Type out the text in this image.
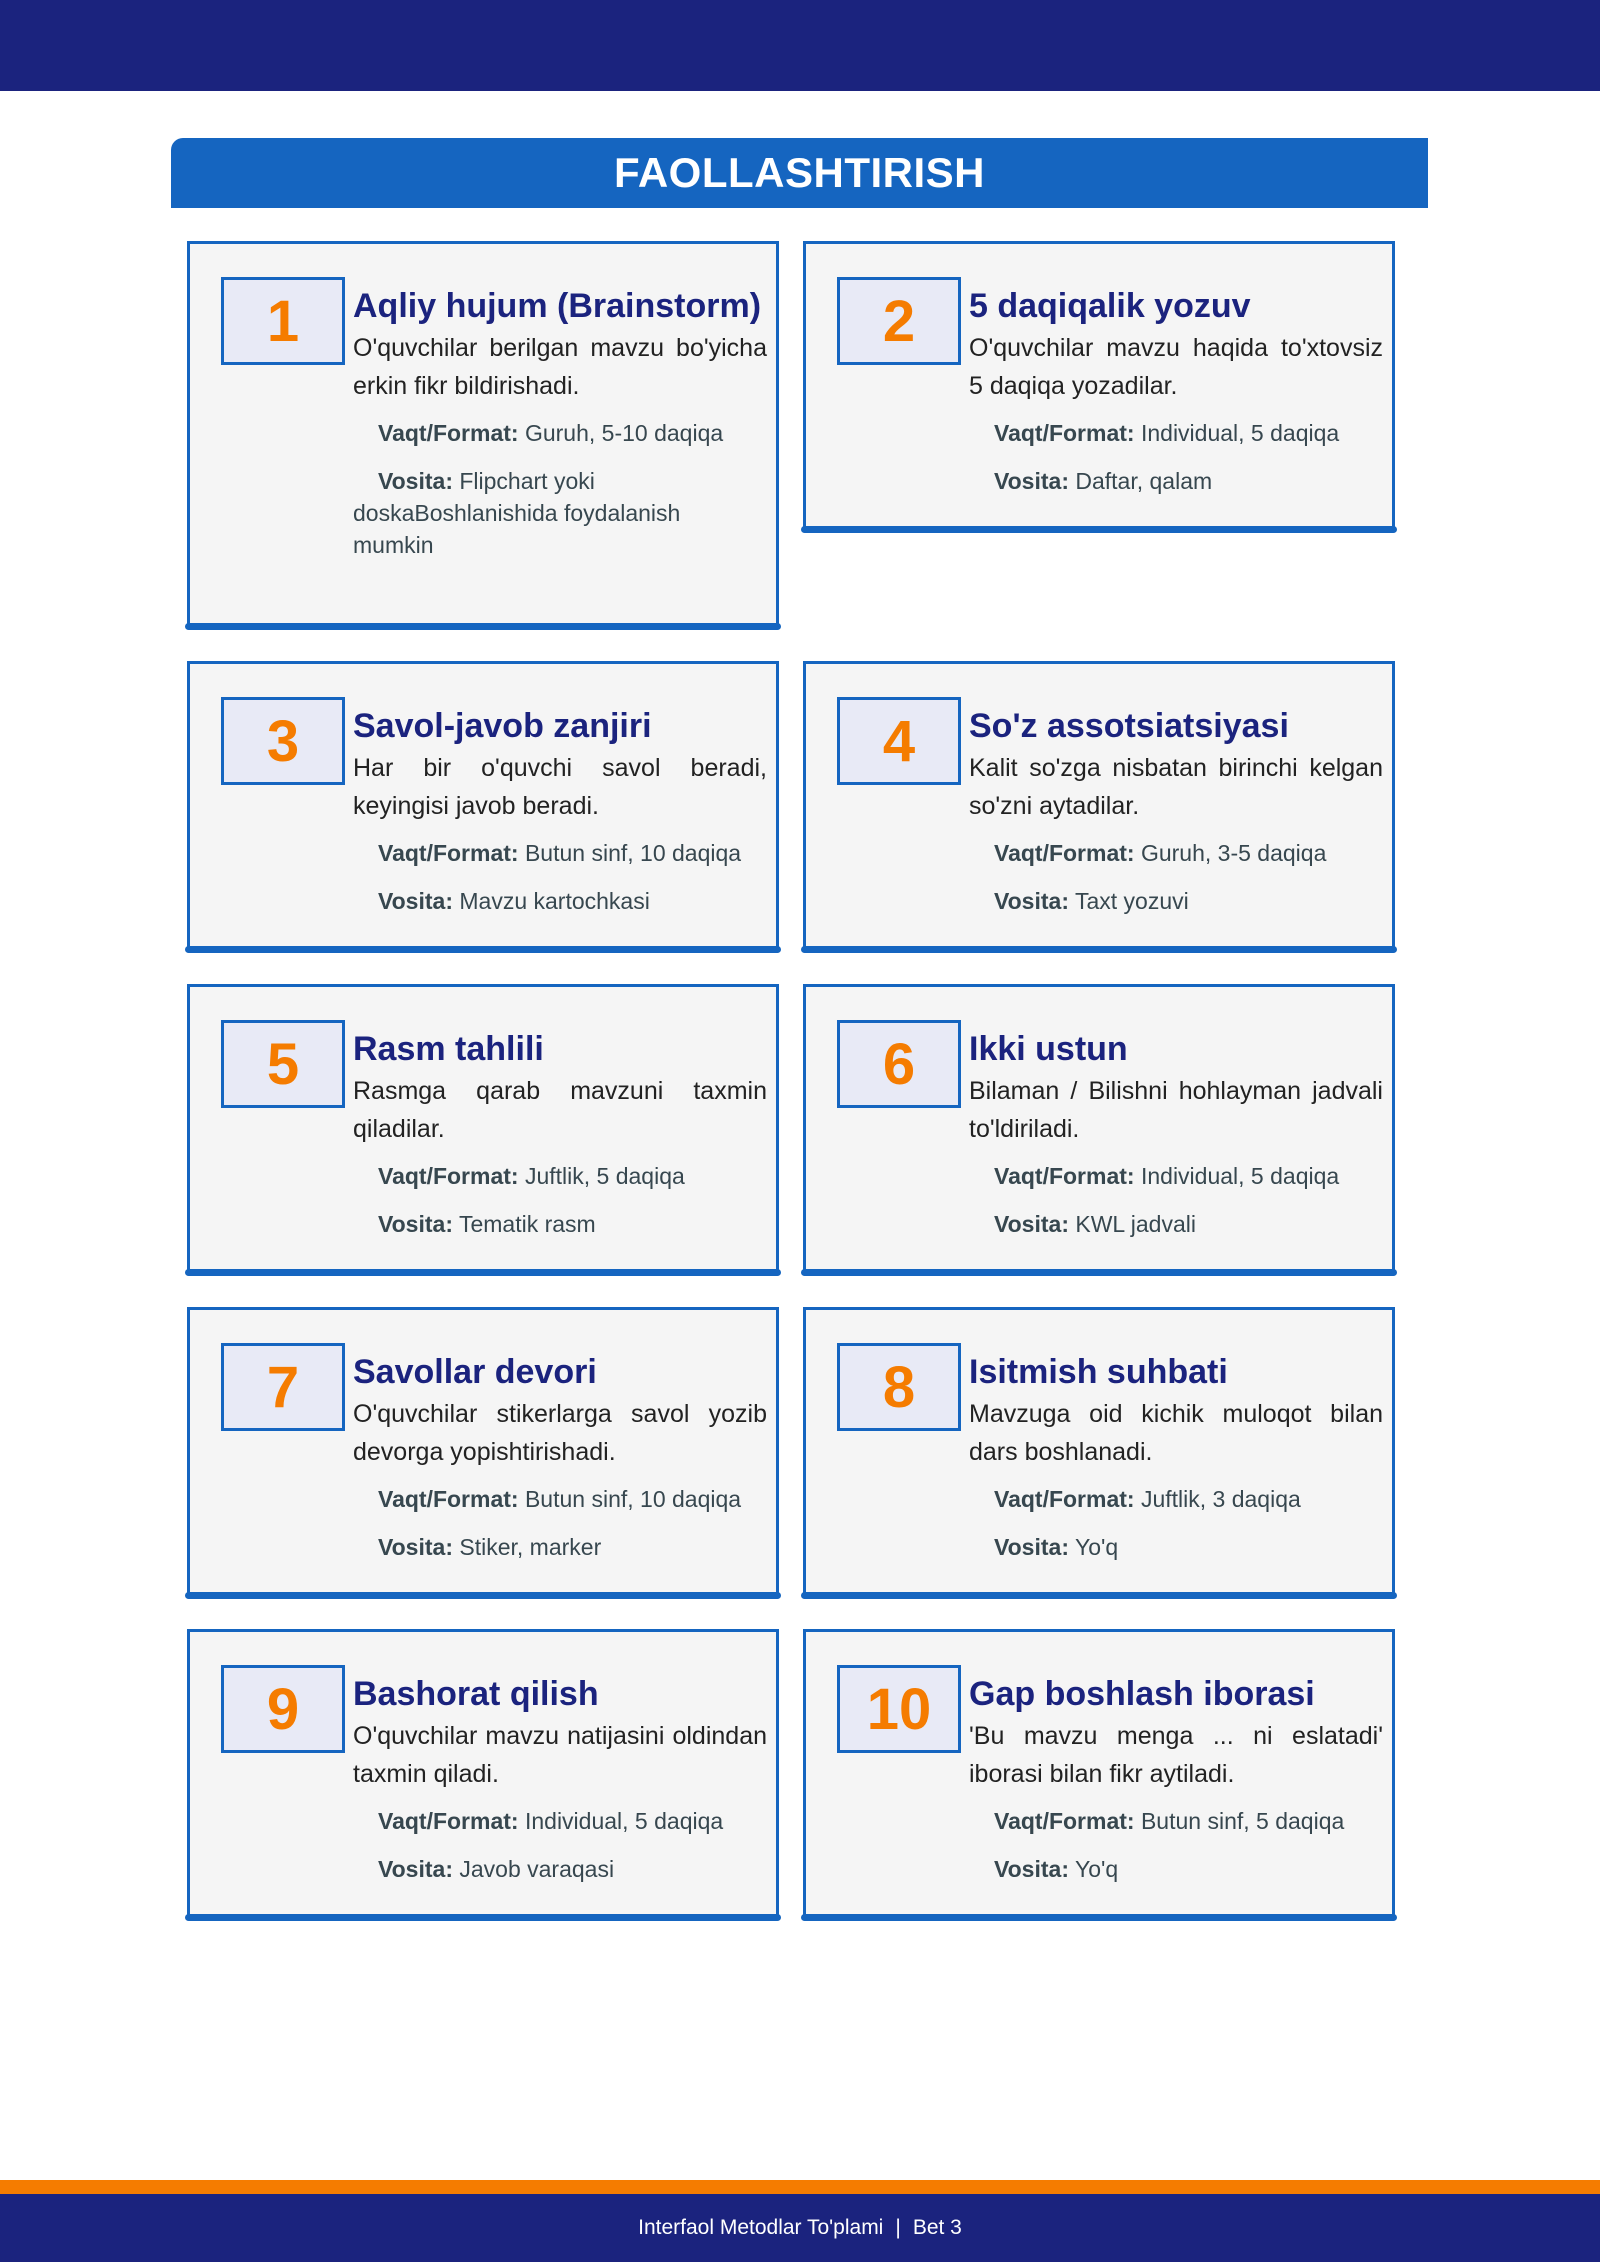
FAOLLASHTIRISH
1	Aqliy hujum (Brainstorm)
O'quvchilar berilgan mavzu bo'yicha erkin fikr bildirishadi.
Vaqt/Format: Guruh, 5-10 daqiqa
Vosita: Flipchart yoki doskaBoshlanishida foydalanish mumkin
2	5 daqiqalik yozuv
O'quvchilar mavzu haqida to'xtovsiz 5 daqiqa yozadilar.
Vaqt/Format: Individual, 5 daqiqa
Vosita: Daftar, qalam
3	Savol-javob zanjiri
Har bir o'quvchi savol beradi, keyingisi javob beradi.
Vaqt/Format: Butun sinf, 10 daqiqa
Vosita: Mavzu kartochkasi
4	So'z assotsiatsiyasi
Kalit so'zga nisbatan birinchi kelgan so'zni aytadilar.
Vaqt/Format: Guruh, 3-5 daqiqa
Vosita: Taxt yozuvi
5	Rasm tahlili
Rasmga qarab mavzuni taxmin qiladilar.
Vaqt/Format: Juftlik, 5 daqiqa
Vosita: Tematik rasm
6	Ikki ustun
Bilaman / Bilishni hohlayman jadvali to'ldiriladi.
Vaqt/Format: Individual, 5 daqiqa
Vosita: KWL jadvali
7	Savollar devori
O'quvchilar stikerlarga savol yozib devorga yopishtirishadi.
Vaqt/Format: Butun sinf, 10 daqiqa
Vosita: Stiker, marker
8	Isitmish suhbati
Mavzuga oid kichik muloqot bilan dars boshlanadi.
Vaqt/Format: Juftlik, 3 daqiqa
Vosita: Yo'q
9	Bashorat qilish
O'quvchilar mavzu natijasini oldindan taxmin qiladi.
Vaqt/Format: Individual, 5 daqiqa
Vosita: Javob varaqasi
10	Gap boshlash iborasi
'Bu mavzu menga ... ni eslatadi' iborasi bilan fikr aytiladi.
Vaqt/Format: Butun sinf, 5 daqiqa
Vosita: Yo'q
Interfaol Metodlar To'plami | Bet 3
